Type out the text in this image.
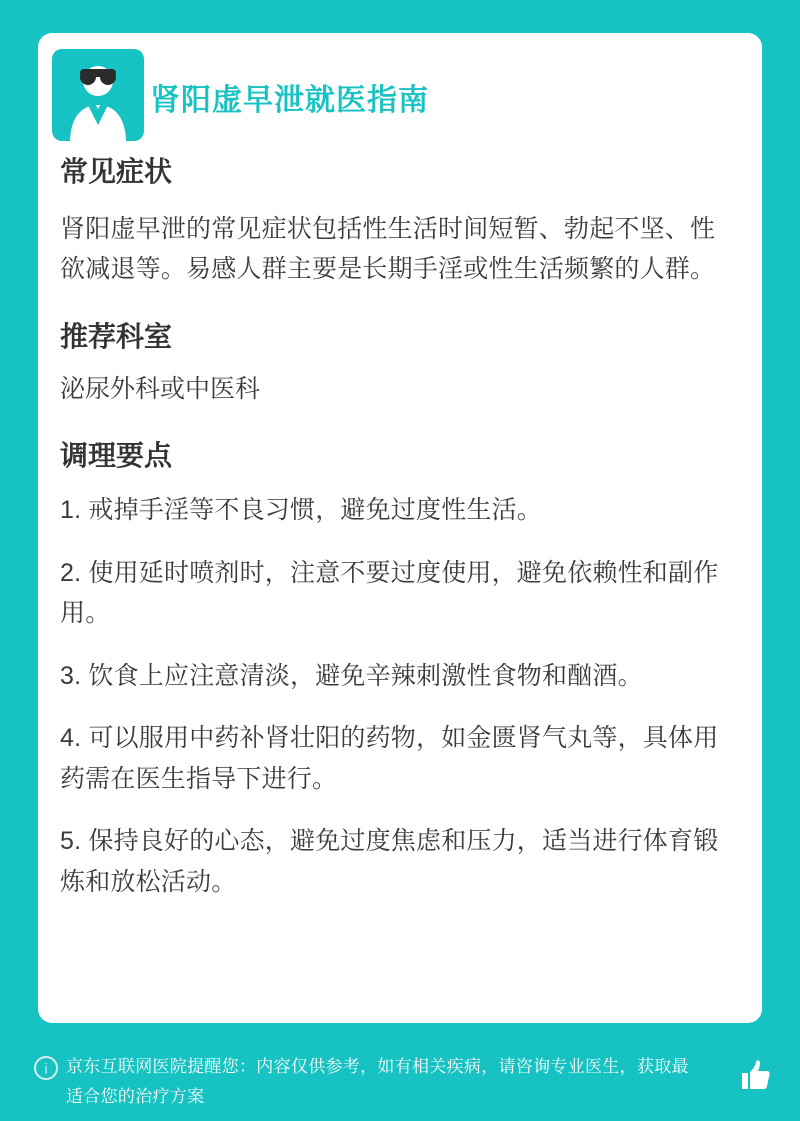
肾阳虚早泄就医指南
常见症状

肾阳虚早泄的常见症状包括性生活时间短暂、勃起不坚、性欲减退等。易感人群主要是长期手淫或性生活频繁的人群。

推荐科室

泌尿外科或中医科

调理要点
1. 戒掉手淫等不良习惯，避免过度性生活。
2. 使用延时喷剂时，注意不要过度使用，避免依赖性和副作用。
3. 饮食上应注意清淡，避免辛辣刺激性食物和酗酒。
4. 可以服用中药补肾壮阳的药物，如金匮肾气丸等，具体用药需在医生指导下进行。
5. 保持良好的心态，避免过度焦虑和压力，适当进行体育锻炼和放松活动。
i	京东互联网医院提醒您：内容仅供参考，如有相关疾病，请咨询专业医生，获取最适合您的治疗方案
